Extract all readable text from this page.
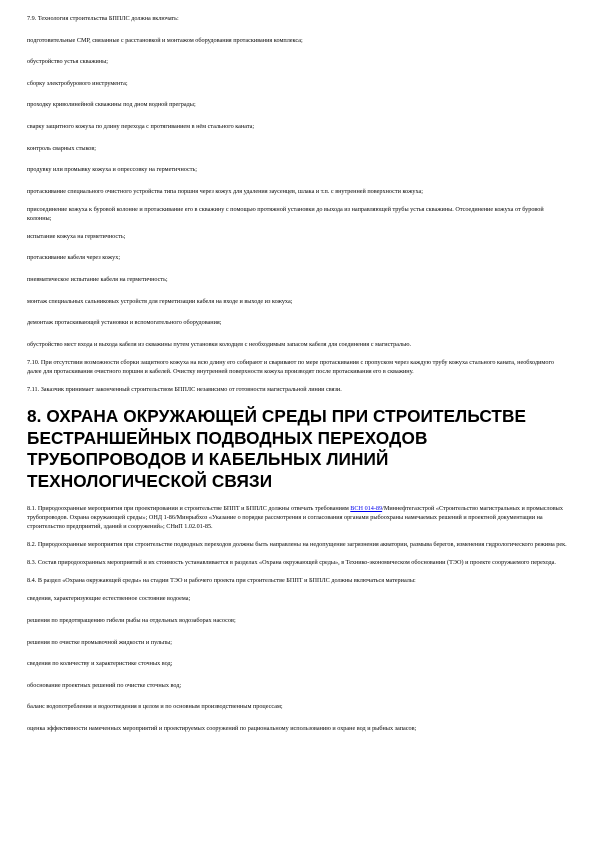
7.9. Технология строительства БППЛС должна включать:

подготовительные СМР, связанные с расстановкой и монтажом оборудования протаскивания комплекса;

обустройство устья скважины;

сборку электробурового инструмента;

проходку криволинейной скважины под дном водной преграды;

сварку защитного кожуха по длину перехода с протягиванием в нём стального каната;

контроль сварных стыков;

продувку или промывку кожуха и опрессовку на герметичность;

протаскивание специального очистного устройства типа поршня через кожух для удаления заусенцев, шлака и т.п. с внутренней поверхности кожуха;

присоединение кожуха к буровой колонне и протаскивание его в скважину с помощью протяжной установки до выхода из направляющей трубы устья скважины. Отсоединение кожуха от буровой колонны;

испытание кожуха на герметичность;

протаскивание кабеля через кожух;

пневматическое испытание кабеля на герметичность;

монтаж специальных сальниковых устройств для герметизации кабеля на входе и выходе из кожуха;

демонтаж протаскивающей установки и вспомогательного оборудования;

обустройство мест входа и выхода кабеля из скважины путем установки колодцев с необходимым запасом кабеля для соединения с магистралью.

7.10. При отсутствии возможности сборки защитного кожуха на всю длину его собирают и сваривают по мере протаскивания с пропуском через каждую трубу кожуха стального каната, необходимого далее для протаскивания очистного поршня и кабелей. Очистку внутренней поверхности кожуха производят после протаскивания его в скважину.

7.11. Заказчик принимает законченный строительством БППЛС независимо от готовности магистральной линии связи.

8. ОХРАНА ОКРУЖАЮЩЕЙ СРЕДЫ ПРИ СТРОИТЕЛЬСТВЕ БЕСТРАНШЕЙНЫХ ПОДВОДНЫХ ПЕРЕХОДОВ ТРУБОПРОВОДОВ И КАБЕЛЬНЫХ ЛИНИЙ ТЕХНОЛОГИЧЕСКОЙ СВЯЗИ

8.1. Природоохранные мероприятия при проектировании и строительстве БППТ и БППЛС должны отвечать требованиям ВСН 014-89/Миннефтегазстрой «Строительство магистральных и промысловых трубопроводов. Охрана окружающей среды»; ОНД 1-86/Минрыбхоз «Указание о порядке рассмотрения и согласования органами рыбоохраны намечаемых решений и проектной документации на строительство предприятий, зданий и сооружений»; СНиП 1.02.01-85.

8.2. Природоохранные мероприятия при строительстве подводных переходов должны быть направлены на недопущение загрязнения акватории, размыва берегов, изменения гидрологического режима рек.

8.3. Состав природоохранных мероприятий и их стоимость устанавливается в разделах «Охрана окружающей среды», в Технико-экономическом обосновании (ТЭО) и проекте сооружаемого перехода.

8.4. В раздел «Охрана окружающей среды» на стадии ТЭО и рабочего проекта при строительстве БППТ и БППЛС должны включаться материалы:

сведения, характеризующие естественное состояние водоема;

решения по предотвращению гибели рыбы на отдельных водозаборах насосов;

решения по очистке промывочной жидкости и пульпы;

сведения по количеству и характеристике сточных вод;

обоснование проектных решений по очистке сточных вод;

баланс водопотребления и водоотведения в целом и по основным производственным процессам;

оценка эффективности намеченных мероприятий и проектируемых сооружений по рациональному использованию и охране вод и рыбных запасов;
